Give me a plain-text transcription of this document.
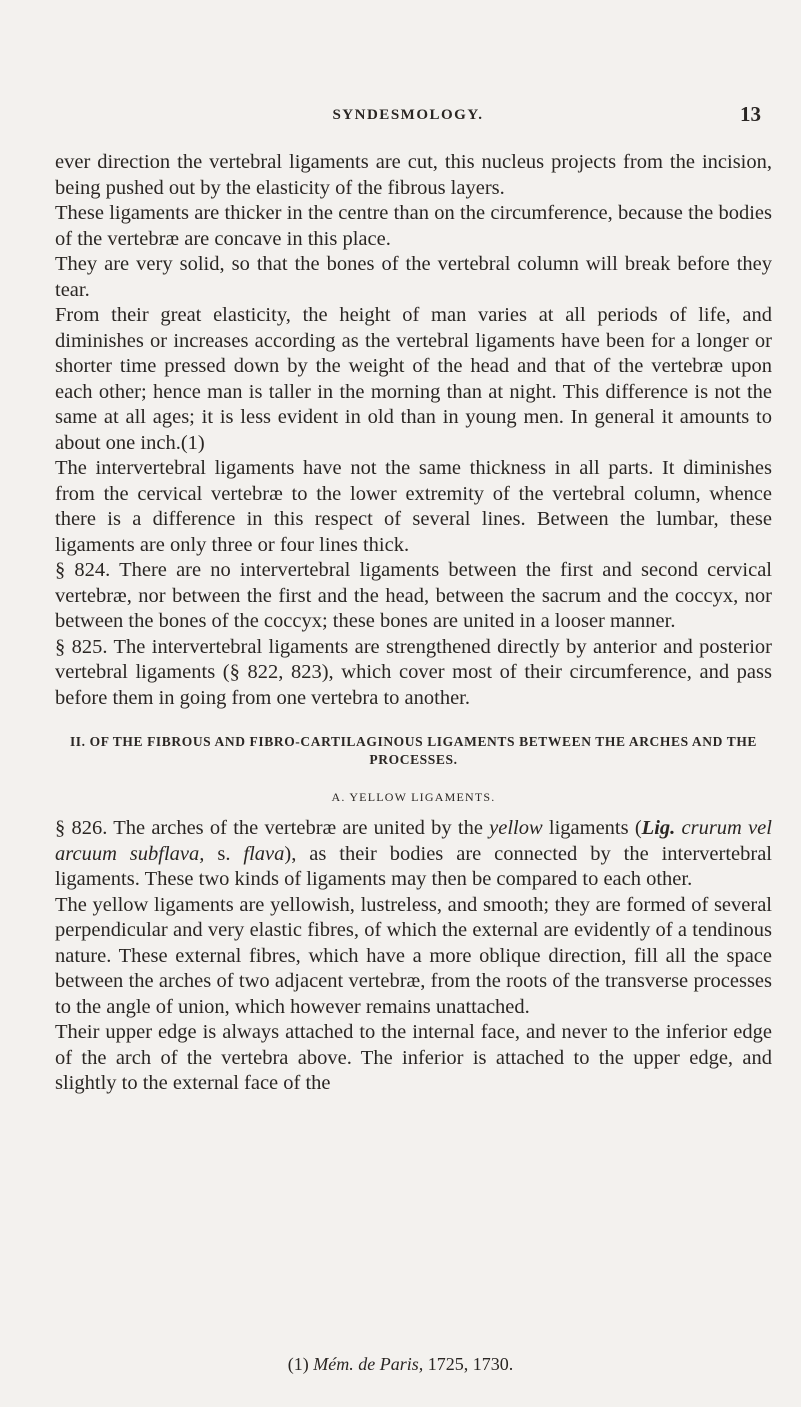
SYNDESMOLOGY.	13

ever direction the vertebral ligaments are cut, this nucleus projects from the incision, being pushed out by the elasticity of the fibrous layers.

These ligaments are thicker in the centre than on the circumference, because the bodies of the vertebræ are concave in this place.

They are very solid, so that the bones of the vertebral column will break before they tear.

From their great elasticity, the height of man varies at all periods of life, and diminishes or increases according as the vertebral ligaments have been for a longer or shorter time pressed down by the weight of the head and that of the vertebræ upon each other; hence man is taller in the morning than at night. This difference is not the same at all ages; it is less evident in old than in young men. In general it amounts to about one inch.(1)

The intervertebral ligaments have not the same thickness in all parts. It diminishes from the cervical vertebræ to the lower extremity of the vertebral column, whence there is a difference in this respect of several lines. Between the lumbar, these ligaments are only three or four lines thick.

§ 824. There are no intervertebral ligaments between the first and second cervical vertebræ, nor between the first and the head, between the sacrum and the coccyx, nor between the bones of the coccyx; these bones are united in a looser manner.

§ 825. The intervertebral ligaments are strengthened directly by anterior and posterior vertebral ligaments (§ 822, 823), which cover most of their circumference, and pass before them in going from one vertebra to another.

II. OF THE FIBROUS AND FIBRO-CARTILAGINOUS LIGAMENTS BETWEEN THE ARCHES AND THE PROCESSES.
A. YELLOW LIGAMENTS.

§ 826. The arches of the vertebræ are united by the yellow ligaments (Lig. crurum vel arcuum subflava, s. flava), as their bodies are connected by the intervertebral ligaments. These two kinds of ligaments may then be compared to each other.

The yellow ligaments are yellowish, lustreless, and smooth; they are formed of several perpendicular and very elastic fibres, of which the external are evidently of a tendinous nature. These external fibres, which have a more oblique direction, fill all the space between the arches of two adjacent vertebræ, from the roots of the transverse processes to the angle of union, which however remains unattached.

Their upper edge is always attached to the internal face, and never to the inferior edge of the arch of the vertebra above. The inferior is attached to the upper edge, and slightly to the external face of the

(1) Mém. de Paris, 1725, 1730.
